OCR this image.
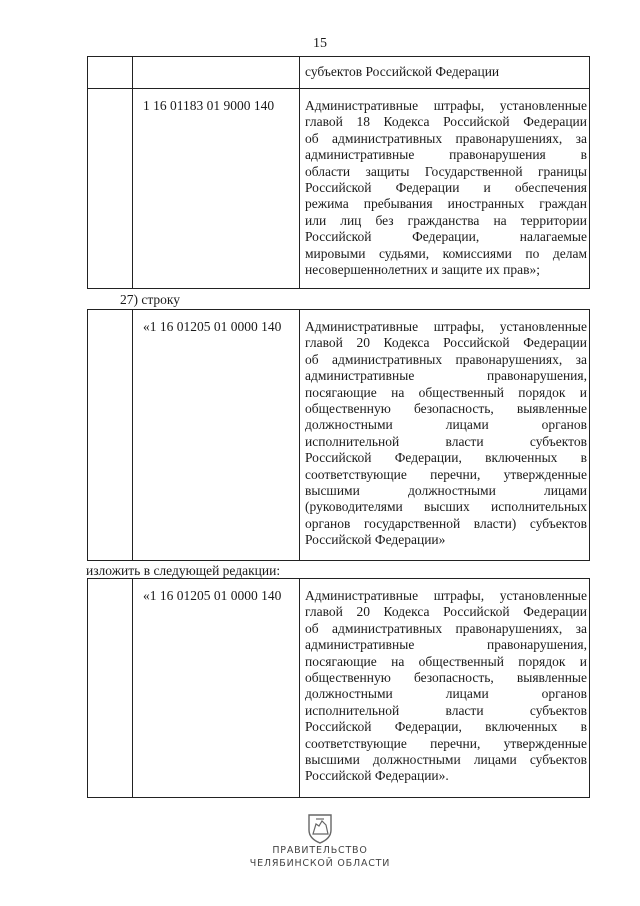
15
субъектов Российской Федерации
1 16 01183 01 9000 140 Административные штрафы, установленные
главой 18 Кодекса Российской Федерации
об административных правонарушениях, за
административные правонарушения в
области защиты Государственной границы
Российской Федерации и обеспечения
режима пребывания иностранных граждан
или лиц без гражданства на территории
Российской Федерации, налагаемые
мировыми судьями, комиссиями по делам
несовершеннолетних и защите их прав»;
27) строку
«1 16 01205 01 0000 140 Административные штрафы, установленные
главой 20 Кодекса Российской Федерации
об административных правонарушениях, за
административные правонарушения,
посягающие на общественный порядок и
общественную безопасность, выявленные
должностными лицами органов
исполнительной власти субъектов
Российской Федерации, включенных в
соответствующие перечни, утвержденные
высшими должностными лицами
(руководителями высших исполнительных
органов государственной власти) субъектов
Российской Федерации»
изложить в следующей редакции:
«1 16 01205 01 0000 140 Административные штрафы, установленные
главой 20 Кодекса Российской Федерации
об административных правонарушениях, за
административные правонарушения,
посягающие на общественный порядок и
общественную безопасность, выявленные
должностными лицами органов
исполнительной власти субъектов
Российской Федерации, включенных в
соответствующие перечни, утвержденные
высшими должностными лицами субъектов
Российской Федерации».
ПРАВИТЕЛЬСТВО
ЧЕЛЯБИНСКОЙ ОБЛАСТИ
